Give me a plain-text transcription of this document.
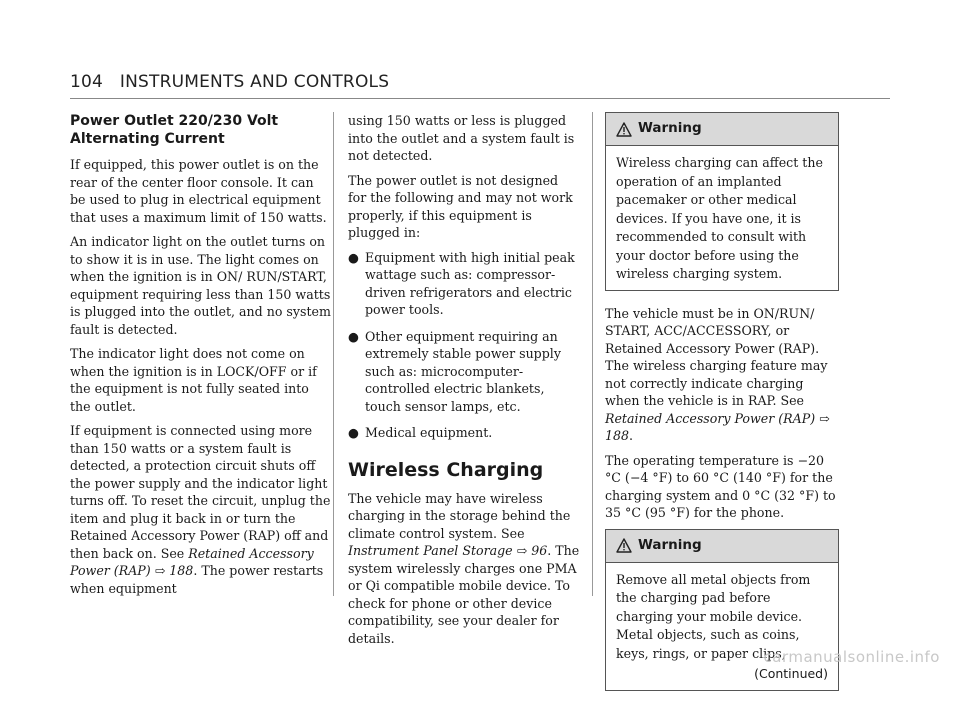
104 INSTRUMENTS AND CONTROLS
Power Outlet 220/230 Volt
Alternating Current

If equipped, this power outlet is on the rear of the center floor console. It can be used to plug in electrical equipment that uses a maximum limit of 150 watts.

An indicator light on the outlet turns on to show it is in use. The light comes on when the ignition is in ON/ RUN/START, equipment requiring less than 150 watts is plugged into the outlet, and no system fault is detected.

The indicator light does not come on when the ignition is in LOCK/OFF or if the equipment is not fully seated into the outlet.

If equipment is connected using more than 150 watts or a system fault is detected, a protection circuit shuts off the power supply and the indicator light turns off. To reset the circuit, unplug the item and plug it back in or turn the Retained Accessory Power (RAP) off and then back on. See Retained Accessory Power (RAP) ⇨ 188. The power restarts when equipment

using 150 watts or less is plugged into the outlet and a system fault is not detected.

The power outlet is not designed for the following and may not work properly, if this equipment is plugged in:

● Equipment with high initial peak wattage such as: compressor-driven refrigerators and electric power tools.
● Other equipment requiring an extremely stable power supply such as: microcomputer-controlled electric blankets, touch sensor lamps, etc.
● Medical equipment.
Wireless Charging

The vehicle may have wireless charging in the storage behind the climate control system. See Instrument Panel Storage ⇨ 96. The system wirelessly charges one PMA or Qi compatible mobile device. To check for phone or other device compatibility, see your dealer for details.

Warning

Wireless charging can affect the operation of an implanted pacemaker or other medical devices. If you have one, it is recommended to consult with your doctor before using the wireless charging system.

The vehicle must be in ON/RUN/ START, ACC/ACCESSORY, or Retained Accessory Power (RAP). The wireless charging feature may not correctly indicate charging when the vehicle is in RAP. See Retained Accessory Power (RAP) ⇨ 188.

The operating temperature is −20 °C (−4 °F) to 60 °C (140 °F) for the charging system and 0 °C (32 °F) to 35 °C (95 °F) for the phone.

Warning

Remove all metal objects from the charging pad before charging your mobile device. Metal objects, such as coins, keys, rings, or paper clips,

(Continued)
carmanualsonline.info
